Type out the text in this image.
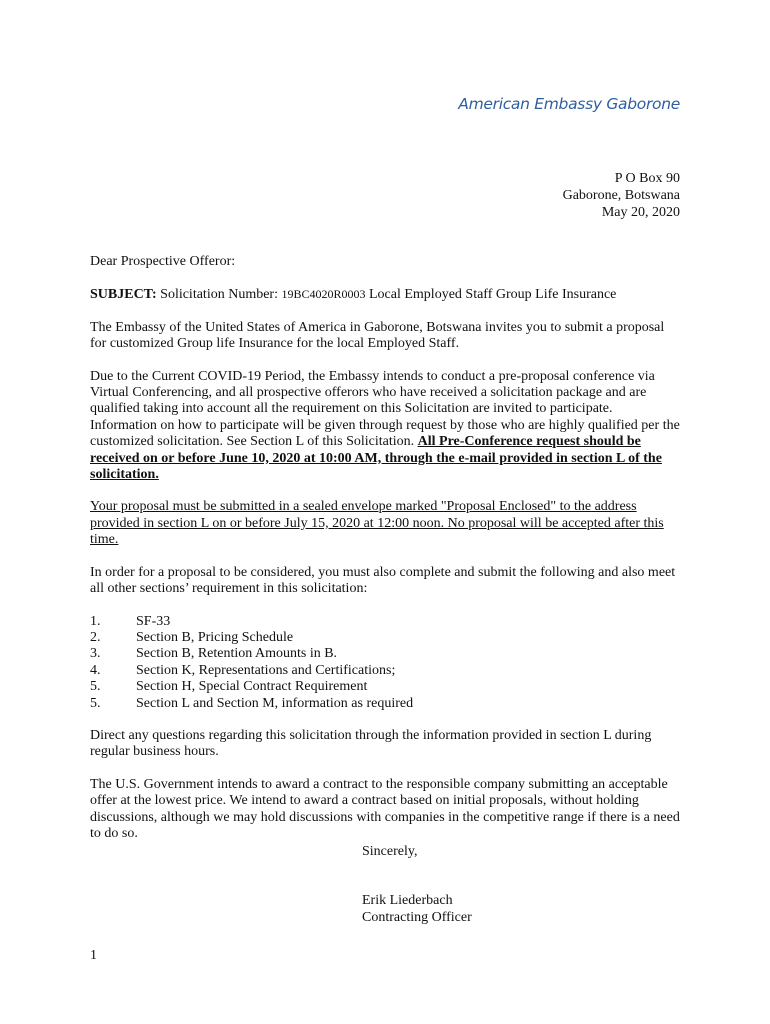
American Embassy Gaborone
P O Box 90
Gaborone, Botswana
May 20, 2020

Dear Prospective Offeror:

SUBJECT: Solicitation Number: 19BC4020R0003 Local Employed Staff Group Life Insurance

The Embassy of the United States of America in Gaborone, Botswana invites you to submit a proposal for customized Group life Insurance for the local Employed Staff.

Due to the Current COVID-19 Period, the Embassy intends to conduct a pre-proposal conference via Virtual Conferencing, and all prospective offerors who have received a solicitation package and are qualified taking into account all the requirement on this Solicitation are invited to participate. Information on how to participate will be given through request by those who are highly qualified per the customized solicitation. See Section L of this Solicitation. All Pre-Conference request should be received on or before June 10, 2020 at 10:00 AM, through the e-mail provided in section L of the solicitation.

Your proposal must be submitted in a sealed envelope marked "Proposal Enclosed" to the address provided in section L on or before July 15, 2020 at 12:00 noon. No proposal will be accepted after this time.

In order for a proposal to be considered, you must also complete and submit the following and also meet all other sections’ requirement in this solicitation:

1.	SF-33
2.	Section B, Pricing Schedule
3.	Section B, Retention Amounts in B.
4.	Section K, Representations and Certifications;
5.	Section H, Special Contract Requirement
5.	Section L and Section M, information as required

Direct any questions regarding this solicitation through the information provided in section L during regular business hours.

The U.S. Government intends to award a contract to the responsible company submitting an acceptable offer at the lowest price. We intend to award a contract based on initial proposals, without holding discussions, although we may hold discussions with companies in the competitive range if there is a need to do so.

Sincerely,
Erik Liederbach
Contracting Officer
1
